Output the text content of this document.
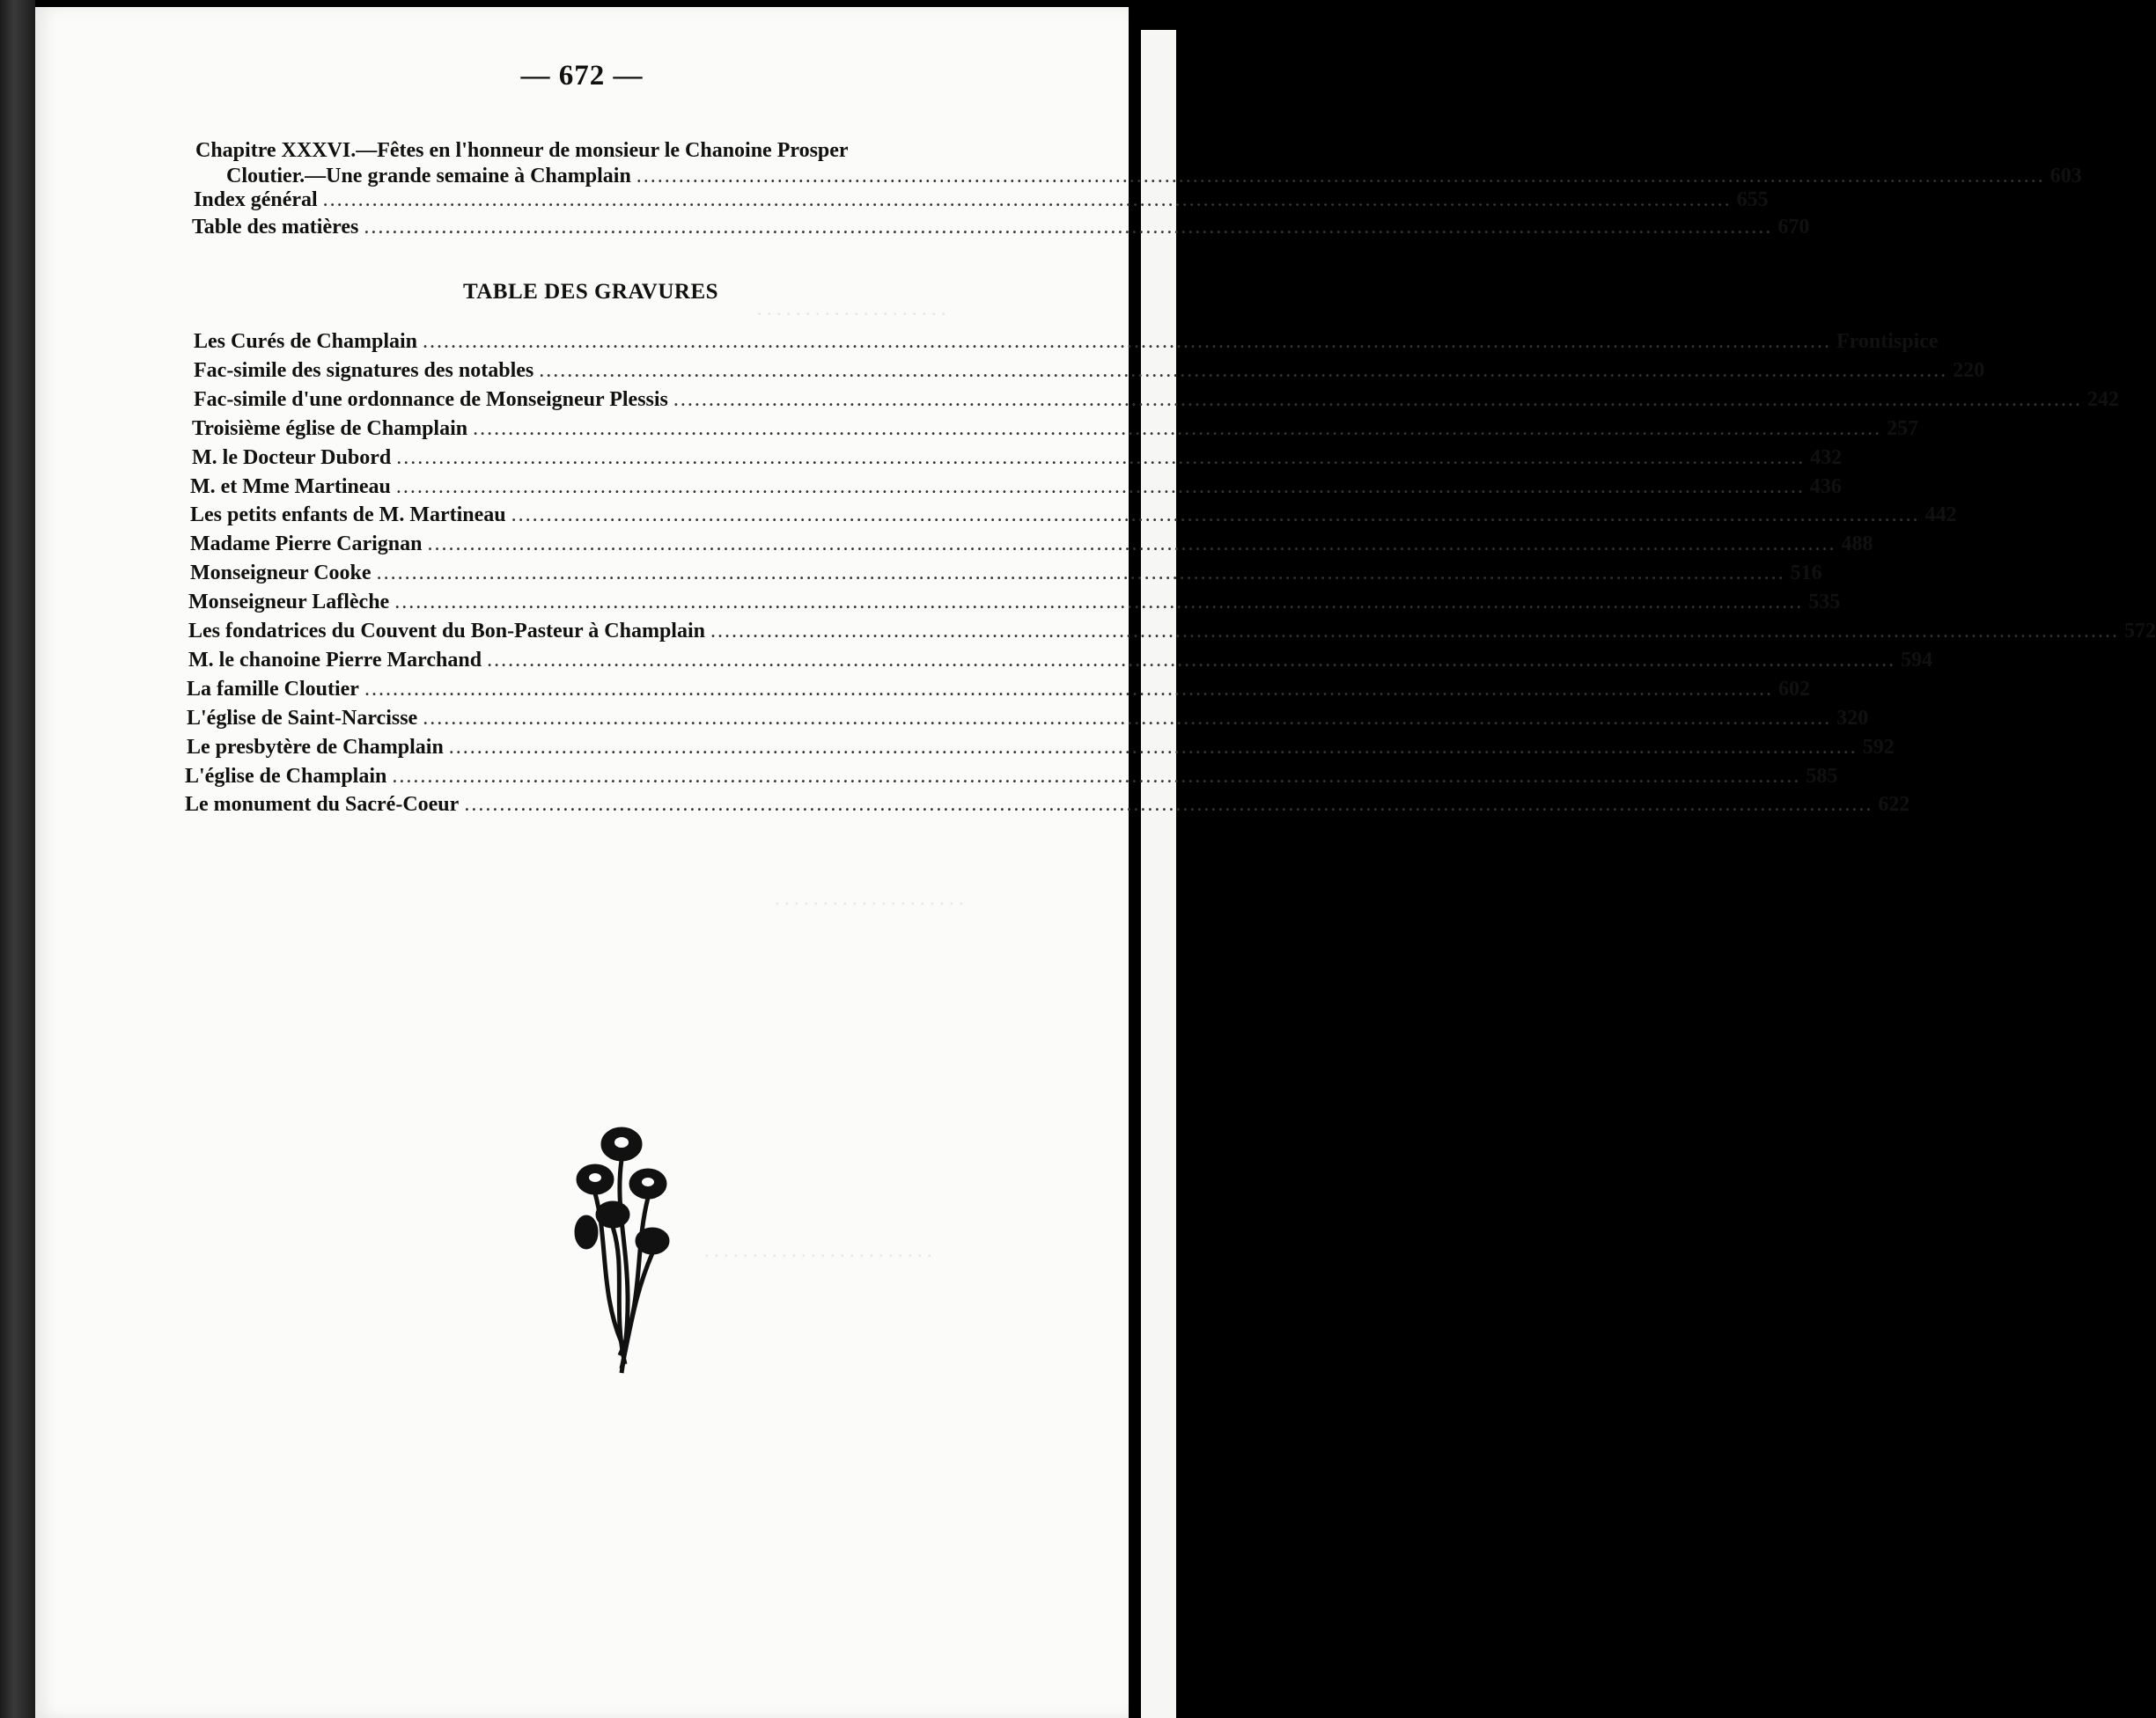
. . . . . . . . . . . . . . . . . . . .
. . . . . . . . . . . . . . . . . . . .
. . . . . . . . . . . . . . . . . . . . . . . .
— 672 —
Chapitre XXXVI.—Fêtes en l'honneur de monsieur le Chanoine Prosper
Cloutier.—Une grande semaine à Champlain ........................................................................................................................................................................................................ 603
Index général ........................................................................................................................................................................................................ 655
Table des matières ........................................................................................................................................................................................................ 670
TABLE DES GRAVURES
Les Curés de Champlain ........................................................................................................................................................................................................ Frontispice
Fac-simile des signatures des notables ........................................................................................................................................................................................................ 220
Fac-simile d'une ordonnance de Monseigneur Plessis ........................................................................................................................................................................................................ 242
Troisième église de Champlain ........................................................................................................................................................................................................ 257
M. le Docteur Dubord ........................................................................................................................................................................................................ 432
M. et Mme Martineau ........................................................................................................................................................................................................ 436
Les petits enfants de M. Martineau ........................................................................................................................................................................................................ 442
Madame Pierre Carignan ........................................................................................................................................................................................................ 488
Monseigneur Cooke ........................................................................................................................................................................................................ 516
Monseigneur Laflèche ........................................................................................................................................................................................................ 535
Les fondatrices du Couvent du Bon-Pasteur à Champlain ........................................................................................................................................................................................................ 572
M. le chanoine Pierre Marchand ........................................................................................................................................................................................................ 594
La famille Cloutier ........................................................................................................................................................................................................ 602
L'église de Saint-Narcisse ........................................................................................................................................................................................................ 320
Le presbytère de Champlain ........................................................................................................................................................................................................ 592
L'église de Champlain ........................................................................................................................................................................................................ 585
Le monument du Sacré-Coeur ........................................................................................................................................................................................................ 622
